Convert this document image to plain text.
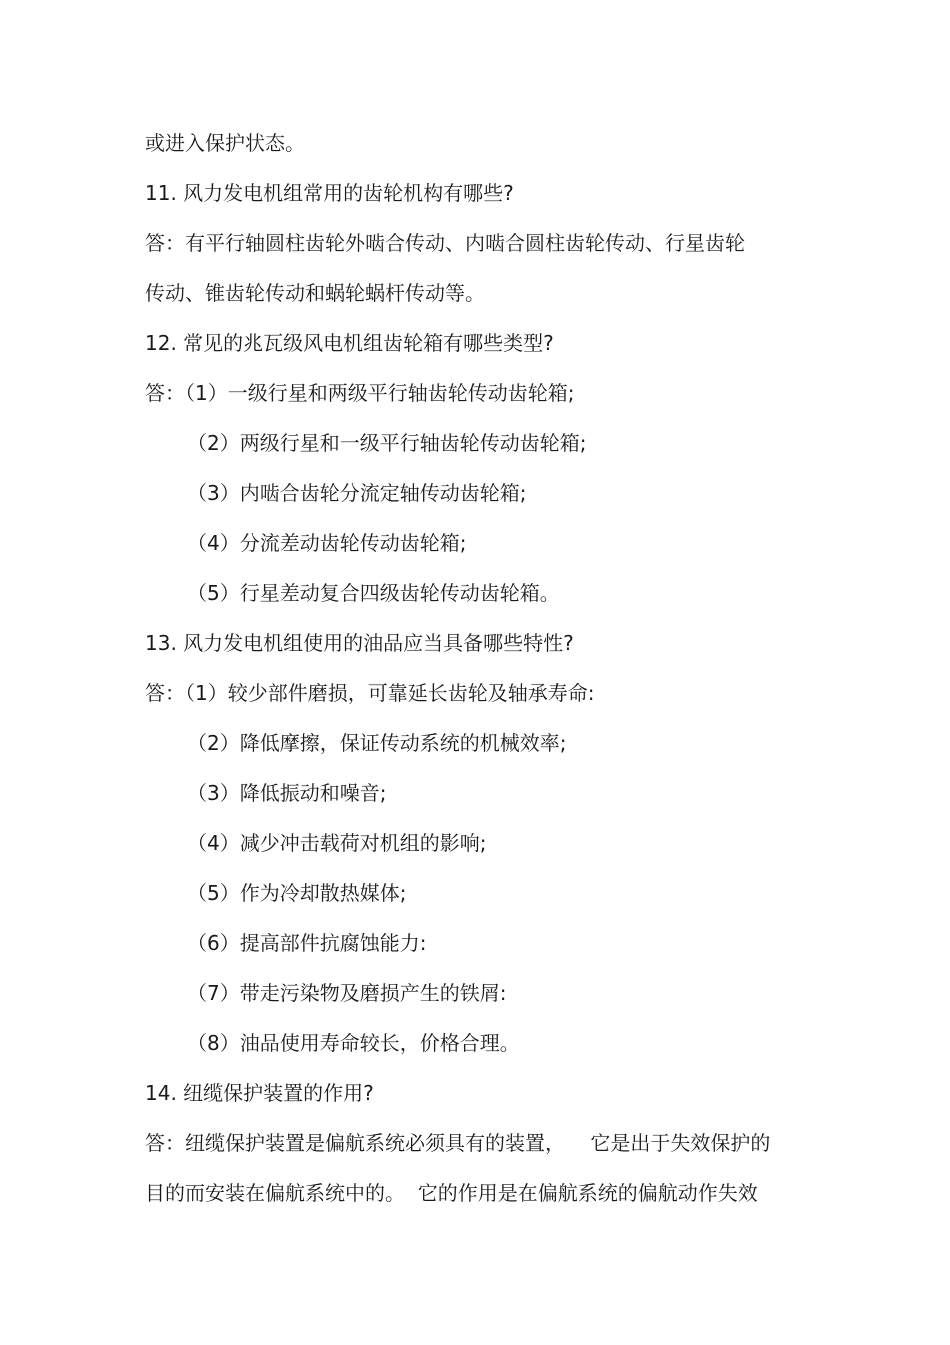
或进入保护状态。
11. 风力发电机组常用的齿轮机构有哪些?
答：有平行轴圆柱齿轮外啮合传动、内啮合圆柱齿轮传动、行星齿轮
传动、锥齿轮传动和蜗轮蜗杆传动等。
12. 常见的兆瓦级风电机组齿轮箱有哪些类型?
答：（1）一级行星和两级平行轴齿轮传动齿轮箱;
（2）两级行星和一级平行轴齿轮传动齿轮箱;
（3）内啮合齿轮分流定轴传动齿轮箱;
（4）分流差动齿轮传动齿轮箱;
（5）行星差动复合四级齿轮传动齿轮箱。
13. 风力发电机组使用的油品应当具备哪些特性?
答：（1）较少部件磨损，可靠延长齿轮及轴承寿命:
（2）降低摩擦，保证传动系统的机械效率;
（3）降低振动和噪音;
（4）减少冲击载荷对机组的影响;
（5）作为冷却散热媒体;
（6）提高部件抗腐蚀能力:
（7）带走污染物及磨损产生的铁屑:
（8）油品使用寿命较长，价格合理。
14. 纽缆保护装置的作用?
答：纽缆保护装置是偏航系统必须具有的装置，    它是出于失效保护的
目的而安装在偏航系统中的。  它的作用是在偏航系统的偏航动作失效
